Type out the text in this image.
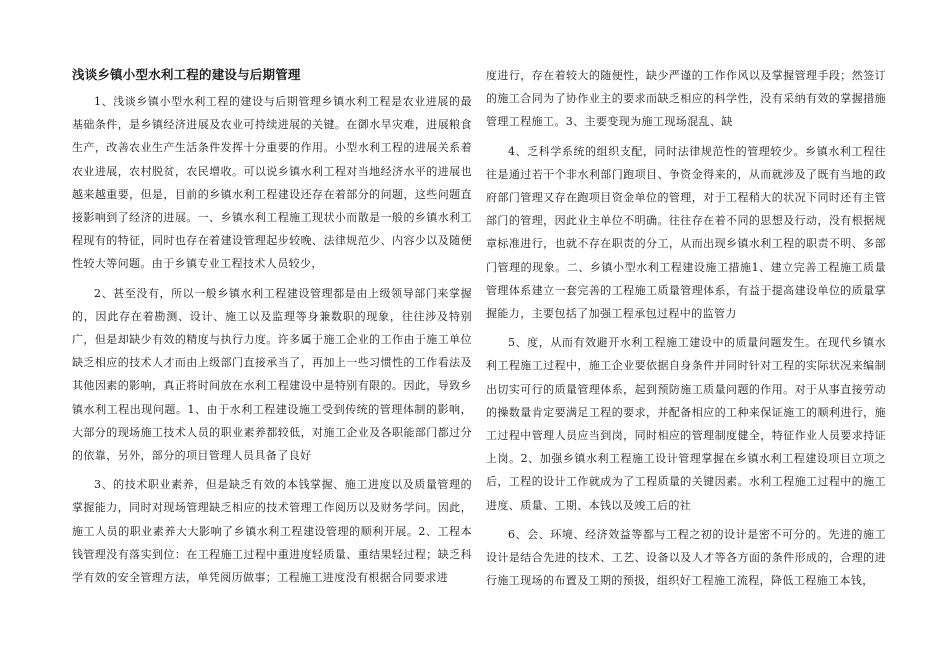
浅谈乡镇小型水利工程的建设与后期管理

1、浅谈乡镇小型水利工程的建设与后期管理乡镇水利工程是农业进展的最基础条件，是乡镇经济进展及农业可持续进展的关键。在御水旱灾难，进展粮食生产，改善农业生产生活条件发挥十分重要的作用。小型水利工程的进展关系着农业进展，农村脱贫，农民增收。可以说乡镇水利工程对当地经济水平的进展也越来越重要，但是，目前的乡镇水利工程建设还存在着部分的问题，这些问题直接影响到了经济的进展。一、乡镇水利工程施工现状小而散是一般的乡镇水利工程现有的特征，同时也存在着建设管理起步较晚、法律规范少、内容少以及随便性较大等问题。由于乡镇专业工程技术人员较少，

2、甚至没有，所以一般乡镇水利工程建设管理都是由上级领导部门来掌握的，因此存在着勘测、设计、施工以及监理等身兼数职的现象，往往涉及特别广，但是却缺少有效的精度与执行力度。许多属于施工企业的工作由于施工单位缺乏相应的技术人才而由上级部门直接承当了，再加上一些习惯性的工作看法及其他因素的影响，真正将时间放在水利工程建设中是特别有限的。因此，导致乡镇水利工程出现问题。1、由于水利工程建设施工受到传统的管理体制的影响，大部分的现场施工技术人员的职业素养都较低，对施工企业及各职能部门都过分的依靠，另外，部分的项目管理人员具备了良好

3、的技术职业素养，但是缺乏有效的本钱掌握、施工进度以及质量管理的掌握能力，同时对现场管理缺乏相应的技术管理工作阅历以及财务学问。因此，施工人员的职业素养大大影响了乡镇水利工程建设管理的顺利开展。2、工程本钱管理没有落实到位：在工程施工过程中重进度轻质量、重结果轻过程；缺乏科学有效的安全管理方法，单凭阅历做事；工程施工进度没有根据合同要求进

度进行，存在着较大的随便性，缺少严谨的工作作风以及掌握管理手段；然签订的施工合同为了协作业主的要求而缺乏相应的科学性，没有采纳有效的掌握措施管理工程施工。3、主要变现为施工现场混乱、缺

4、乏科学系统的组织支配，同时法律规范性的管理较少。乡镇水利工程往往是通过若干个非水利部门跑项目、争资金得来的，从而就涉及了既有当地的政府部门管理又存在跑项目资金单位的管理，对于工程稍大的状况下同时还有主管部门的管理，因此业主单位不明确。往往存在着不同的思想及行动，没有根据规章标准进行，也就不存在职责的分工，从而出现乡镇水利工程的职责不明、多部门管理的现象。二、乡镇小型水利工程建设施工措施1、建立完善工程施工质量管理体系建立一套完善的工程施工质量管理体系，有益于提高建设单位的质量掌握能力，主要包括了加强工程承包过程中的监管力

5、度，从而有效避开水利工程施工建设中的质量问题发生。在现代乡镇水利工程施工过程中，施工企业要依据自身条件并同时针对工程的实际状况来编制出切实可行的质量管理体系，起到预防施工质量问题的作用。对于从事直接劳动的操数量肯定要满足工程的要求，并配备相应的工种来保证施工的顺利进行，施工过程中管理人员应当到岗，同时相应的管理制度健全，特征作业人员要求持证上岗。2、加强乡镇水利工程施工设计管理掌握在乡镇水利工程建设项目立项之后，工程的设计工作就成为了工程质量的关键因素。水利工程施工过程中的施工进度、质量、工期、本钱以及竣工后的社

6、会、环境、经济效益等都与工程之初的设计是密不可分的。先进的施工设计是结合先进的技术、工艺、设备以及人才等各方面的条件形成的，合理的进行施工现场的布置及工期的预扱，组织好工程施工流程，降低工程施工本钱，
